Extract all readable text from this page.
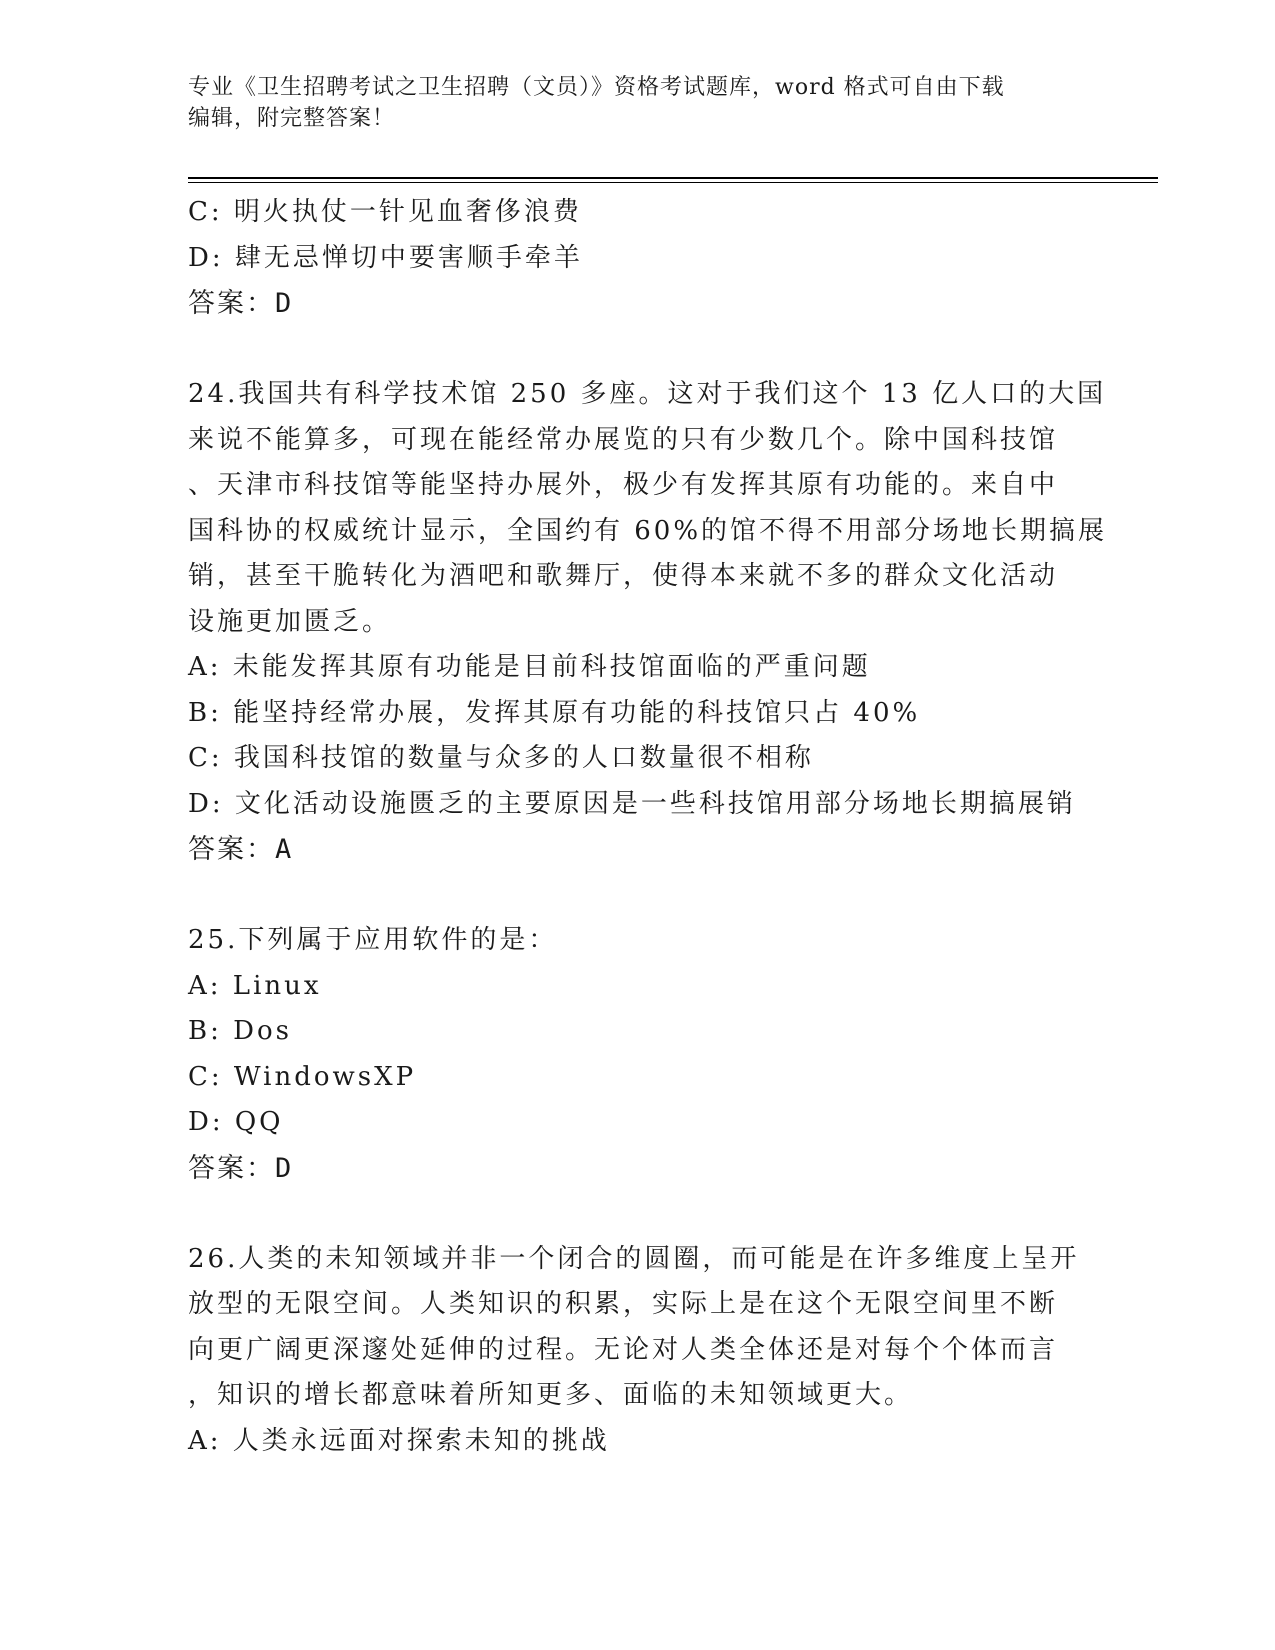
专业《卫生招聘考试之卫生招聘（文员）》资格考试题库，word 格式可自由下载
编辑，附完整答案！
C: 明火执仗一针见血奢侈浪费
D: 肆无忌惮切中要害顺手牵羊
答案：D
24.我国共有科学技术馆 250 多座。这对于我们这个 13 亿人口的大国
来说不能算多，可现在能经常办展览的只有少数几个。除中国科技馆
、天津市科技馆等能坚持办展外，极少有发挥其原有功能的。来自中
国科协的权威统计显示，全国约有 60%的馆不得不用部分场地长期搞展
销，甚至干脆转化为酒吧和歌舞厅，使得本来就不多的群众文化活动
设施更加匮乏。
A: 未能发挥其原有功能是目前科技馆面临的严重问题
B: 能坚持经常办展，发挥其原有功能的科技馆只占 40%
C: 我国科技馆的数量与众多的人口数量很不相称
D: 文化活动设施匮乏的主要原因是一些科技馆用部分场地长期搞展销
答案：A
25.下列属于应用软件的是：
A: Linux
B: Dos
C: WindowsXP
D: QQ
答案：D
26.人类的未知领域并非一个闭合的圆圈，而可能是在许多维度上呈开
放型的无限空间。人类知识的积累，实际上是在这个无限空间里不断
向更广阔更深邃处延伸的过程。无论对人类全体还是对每个个体而言
，知识的增长都意味着所知更多、面临的未知领域更大。
A: 人类永远面对探索未知的挑战
